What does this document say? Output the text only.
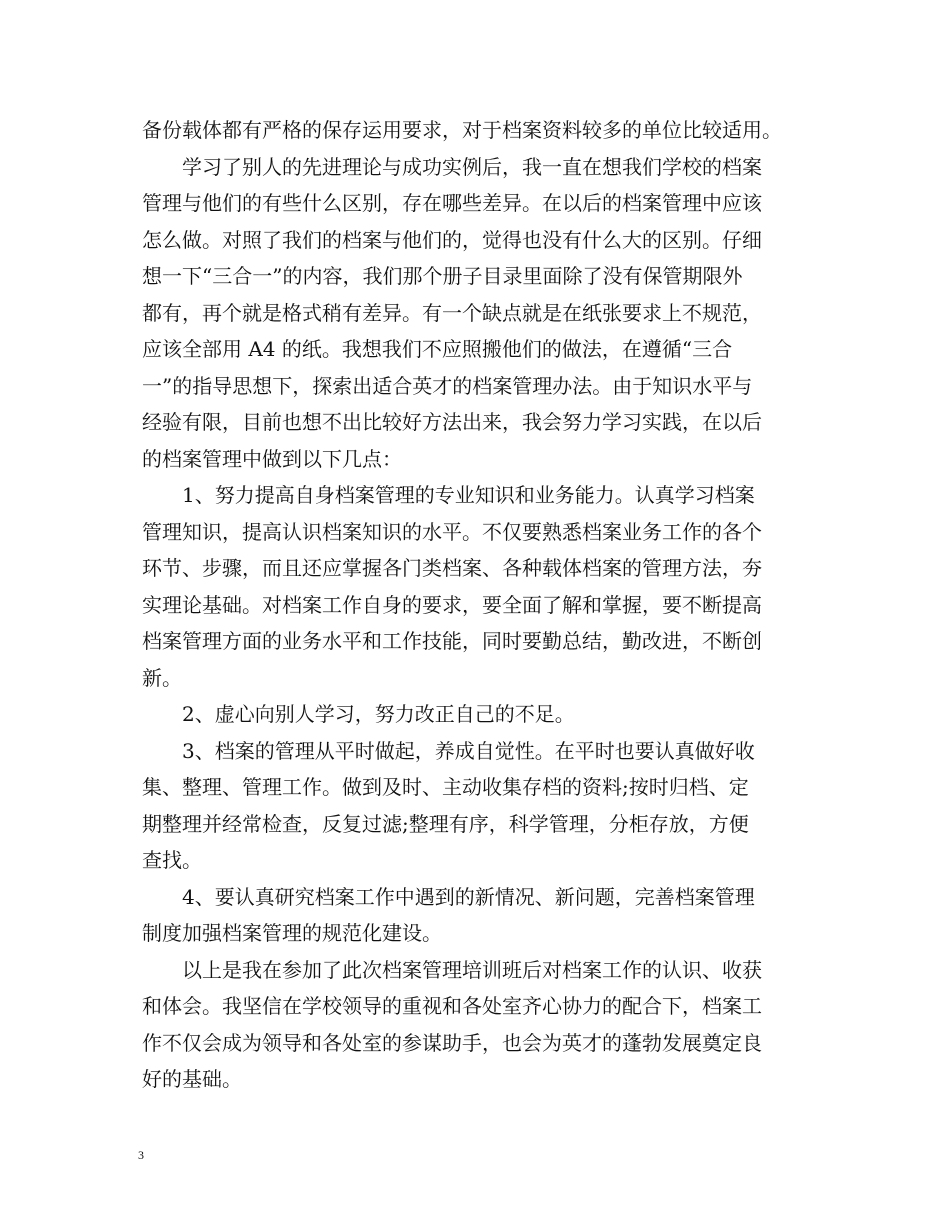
备份载体都有严格的保存运用要求，对于档案资料较多的单位比较适用。
　　学习了别人的先进理论与成功实例后，我一直在想我们学校的档案
管理与他们的有些什么区别，存在哪些差异。在以后的档案管理中应该
怎么做。对照了我们的档案与他们的，觉得也没有什么大的区别。仔细
想一下“三合一”的内容，我们那个册子目录里面除了没有保管期限外
都有，再个就是格式稍有差异。有一个缺点就是在纸张要求上不规范，
应该全部用 A4 的纸。我想我们不应照搬他们的做法，在遵循“三合
一”的指导思想下，探索出适合英才的档案管理办法。由于知识水平与
经验有限，目前也想不出比较好方法出来，我会努力学习实践，在以后
的档案管理中做到以下几点：
　　1、努力提高自身档案管理的专业知识和业务能力。认真学习档案
管理知识，提高认识档案知识的水平。不仅要熟悉档案业务工作的各个
环节、步骤，而且还应掌握各门类档案、各种载体档案的管理方法，夯
实理论基础。对档案工作自身的要求，要全面了解和掌握，要不断提高
档案管理方面的业务水平和工作技能，同时要勤总结，勤改进，不断创
新。
　　2、虚心向别人学习，努力改正自己的不足。
　　3、档案的管理从平时做起，养成自觉性。在平时也要认真做好收
集、整理、管理工作。做到及时、主动收集存档的资料;按时归档、定
期整理并经常检查，反复过滤;整理有序，科学管理，分柜存放，方便
查找。
　　4、要认真研究档案工作中遇到的新情况、新问题，完善档案管理
制度加强档案管理的规范化建设。
　　以上是我在参加了此次档案管理培训班后对档案工作的认识、收获
和体会。我坚信在学校领导的重视和各处室齐心协力的配合下，档案工
作不仅会成为领导和各处室的参谋助手，也会为英才的蓬勃发展奠定良
好的基础。
3
